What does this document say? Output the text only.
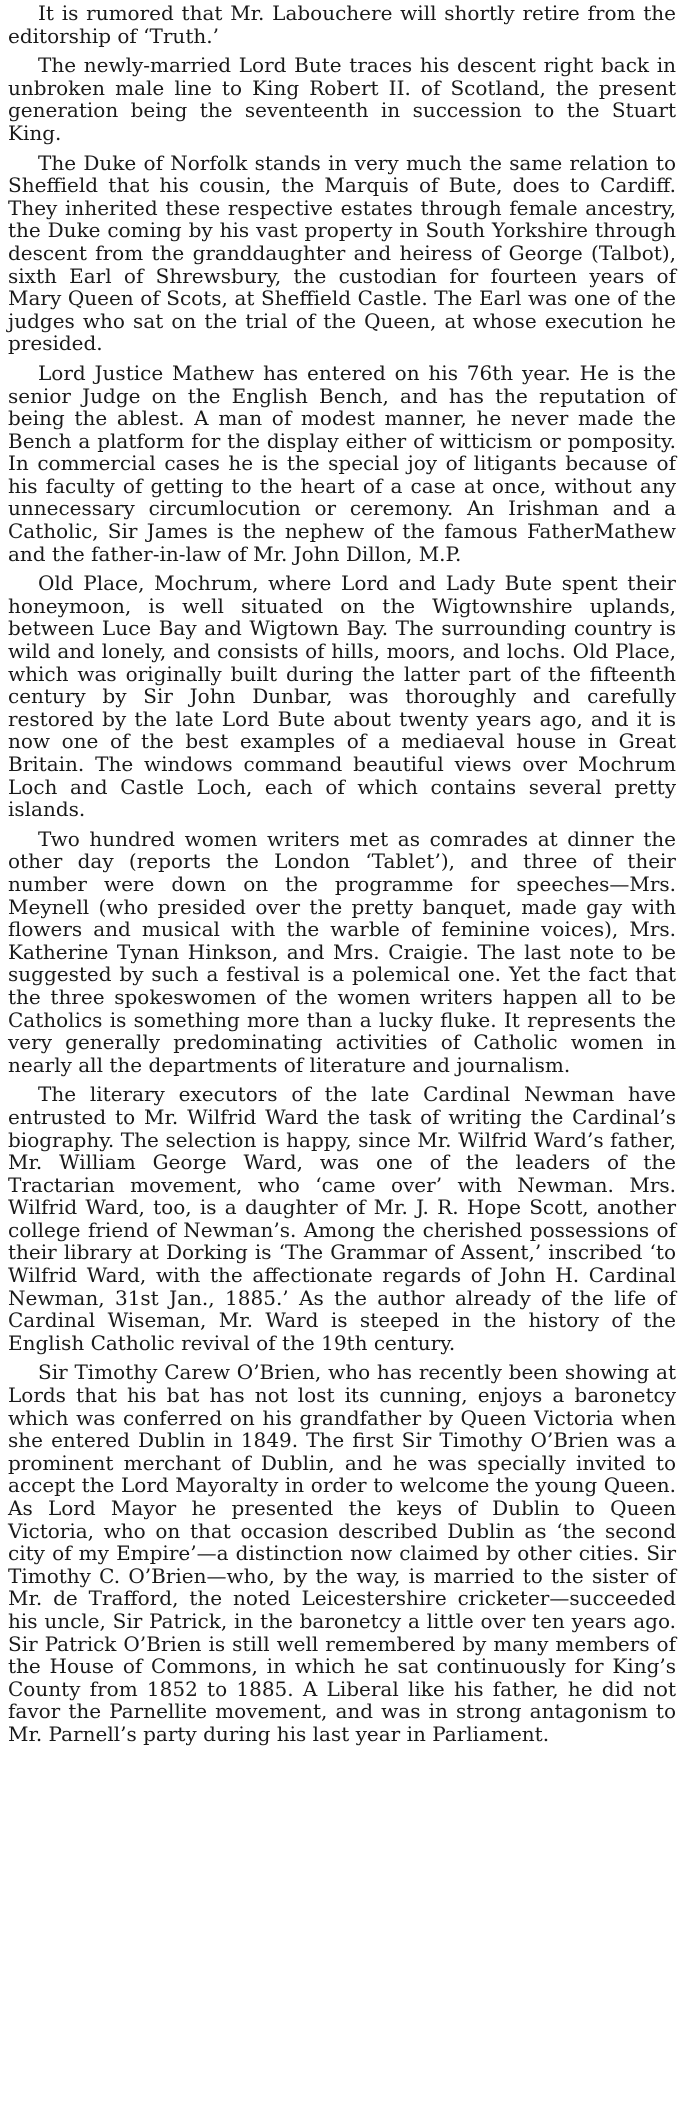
It is rumored that Mr. Labouchere will shortly retire from the editorship of ‘Truth.’

The newly-married Lord Bute traces his descent right back in unbroken male line to King Robert II. of Scotland, the present generation being the seventeenth in succession to the Stuart King.

The Duke of Norfolk stands in very much the same relation to Sheffield that his cousin, the Marquis of Bute, does to Cardiff. They inherited these respective estates through female ancestry, the Duke coming by his vast property in South Yorkshire through descent from the granddaughter and heiress of George (Talbot), sixth Earl of Shrewsbury, the custodian for fourteen years of Mary Queen of Scots, at Sheffield Castle. The Earl was one of the judges who sat on the trial of the Queen, at whose execution he presided.

Lord Justice Mathew has entered on his 76th year. He is the senior Judge on the English Bench, and has the reputation of being the ablest. A man of modest manner, he never made the Bench a platform for the display either of witticism or pomposity. In commercial cases he is the special joy of litigants because of his faculty of getting to the heart of a case at once, without any unnecessary circumlocution or ceremony. An Irishman and a Catholic, Sir James is the nephew of the famous FatherMathew and the father-in-law of Mr. John Dillon, M.P.

Old Place, Mochrum, where Lord and Lady Bute spent their honeymoon, is well situated on the Wigtownshire uplands, between Luce Bay and Wigtown Bay. The surrounding country is wild and lonely, and consists of hills, moors, and lochs. Old Place, which was originally built during the latter part of the fifteenth century by Sir John Dunbar, was thoroughly and carefully restored by the late Lord Bute about twenty years ago, and it is now one of the best examples of a mediaeval house in Great Britain. The windows command beautiful views over Mochrum Loch and Castle Loch, each of which contains several pretty islands.

Two hundred women writers met as comrades at dinner the other day (reports the London ‘Tablet’), and three of their number were down on the programme for speeches—Mrs. Meynell (who presided over the pretty banquet, made gay with flowers and musical with the warble of feminine voices), Mrs. Katherine Tynan Hinkson, and Mrs. Craigie. The last note to be suggested by such a festival is a polemical one. Yet the fact that the three spokeswomen of the women writers happen all to be Catholics is something more than a lucky fluke. It represents the very generally predominating activities of Catholic women in nearly all the departments of literature and journalism.

The literary executors of the late Cardinal Newman have entrusted to Mr. Wilfrid Ward the task of writing the Cardinal’s biography. The selection is happy, since Mr. Wilfrid Ward’s father, Mr. William George Ward, was one of the leaders of the Tractarian movement, who ‘came over’ with Newman. Mrs. Wilfrid Ward, too, is a daughter of Mr. J. R. Hope Scott, another college friend of Newman’s. Among the cherished possessions of their library at Dorking is ‘The Grammar of Assent,’ inscribed ‘to Wilfrid Ward, with the affectionate regards of John H. Cardinal Newman, 31st Jan., 1885.’ As the author already of the life of Cardinal Wiseman, Mr. Ward is steeped in the history of the English Catholic revival of the 19th century.

Sir Timothy Carew O’Brien, who has recently been showing at Lords that his bat has not lost its cunning, enjoys a baronetcy which was conferred on his grandfather by Queen Victoria when she entered Dublin in 1849. The first Sir Timothy O’Brien was a prominent merchant of Dublin, and he was specially invited to accept the Lord Mayoralty in order to welcome the young Queen. As Lord Mayor he presented the keys of Dublin to Queen Victoria, who on that occasion described Dublin as ‘the second city of my Empire’—a distinction now claimed by other cities. Sir Timothy C. O’Brien—who, by the way, is married to the sister of Mr. de Trafford, the noted Leicestershire cricketer—succeeded his uncle, Sir Patrick, in the baronetcy a little over ten years ago. Sir Patrick O’Brien is still well remembered by many members of the House of Commons, in which he sat continuously for King’s County from 1852 to 1885. A Liberal like his father, he did not favor the Parnellite movement, and was in strong antagonism to Mr. Parnell’s party during his last year in Parliament.
